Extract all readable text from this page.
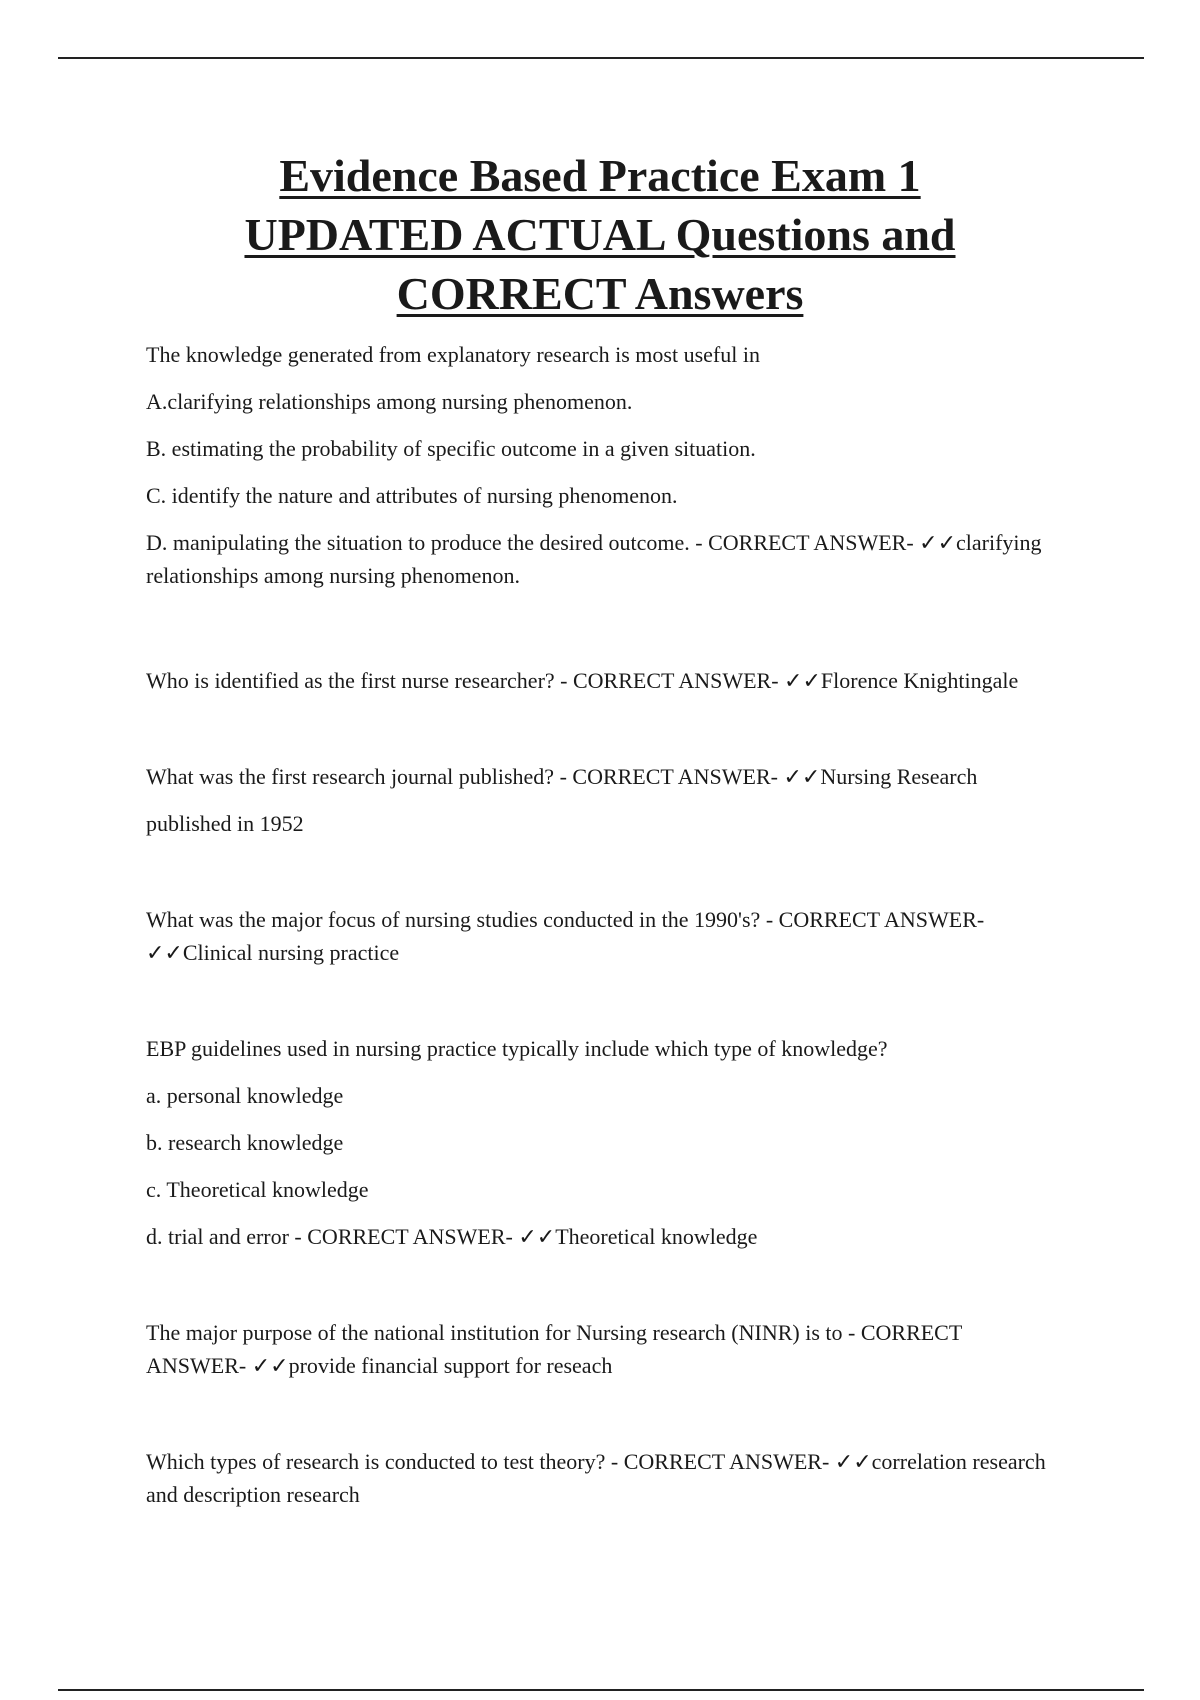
Evidence Based Practice Exam 1
UPDATED ACTUAL Questions and
CORRECT Answers

The knowledge generated from explanatory research is most useful in

A.clarifying relationships among nursing phenomenon.

B. estimating the probability of specific outcome in a given situation.

C. identify the nature and attributes of nursing phenomenon.

D. manipulating the situation to produce the desired outcome. - CORRECT ANSWER- ✓✓clarifying relationships among nursing phenomenon.

Who is identified as the first nurse researcher? - CORRECT ANSWER- ✓✓Florence Knightingale

What was the first research journal published? - CORRECT ANSWER- ✓✓Nursing Research

published in 1952

What was the major focus of nursing studies conducted in the 1990's? - CORRECT ANSWER- ✓✓Clinical nursing practice

EBP guidelines used in nursing practice typically include which type of knowledge?

a. personal knowledge

b. research knowledge

c. Theoretical knowledge

d. trial and error - CORRECT ANSWER- ✓✓Theoretical knowledge

The major purpose of the national institution for Nursing research (NINR) is to - CORRECT ANSWER- ✓✓provide financial support for reseach

Which types of research is conducted to test theory? - CORRECT ANSWER- ✓✓correlation research and description research
